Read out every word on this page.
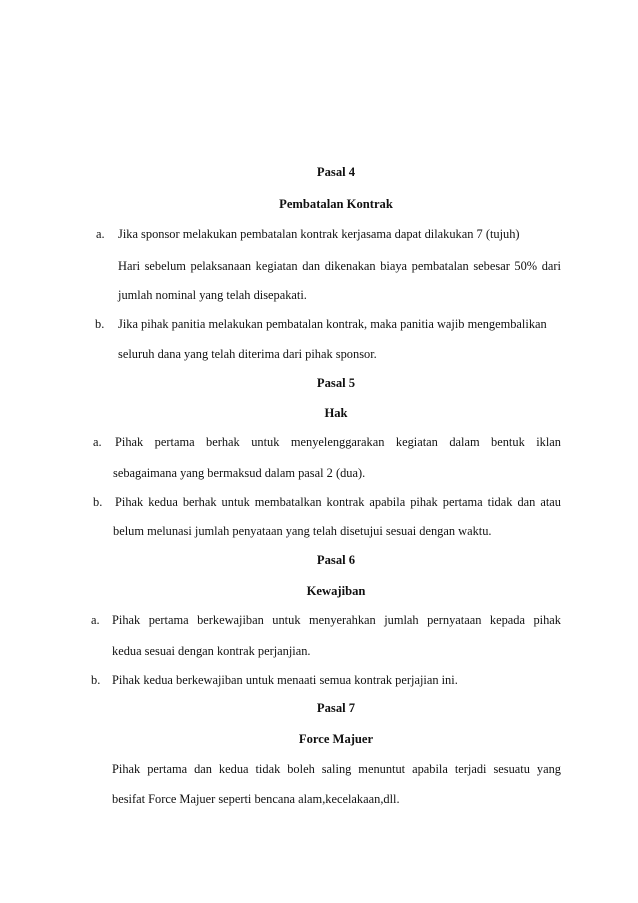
Pasal 4
Pembatalan Kontrak
a. Jika sponsor melakukan pembatalan kontrak kerjasama dapat dilakukan 7 (tujuh)
Hari sebelum pelaksanaan kegiatan dan dikenakan biaya pembatalan sebesar 50% dari
jumlah nominal yang telah disepakati.
b. Jika pihak panitia melakukan pembatalan kontrak, maka panitia wajib mengembalikan
seluruh dana yang telah diterima dari pihak sponsor.
Pasal 5
Hak
a. Pihak pertama berhak untuk menyelenggarakan kegiatan dalam bentuk iklan
sebagaimana yang bermaksud dalam pasal 2 (dua).
b. Pihak kedua berhak untuk membatalkan kontrak apabila pihak pertama tidak dan atau
belum melunasi jumlah penyataan yang telah disetujui sesuai dengan waktu.
Pasal 6
Kewajiban
a. Pihak pertama berkewajiban untuk menyerahkan jumlah pernyataan kepada pihak
kedua sesuai dengan kontrak perjanjian.
b. Pihak kedua berkewajiban untuk menaati semua kontrak perjajian ini.
Pasal 7
Force Majuer
Pihak pertama dan kedua tidak boleh saling menuntut apabila terjadi sesuatu yang
besifat Force Majuer seperti bencana alam,kecelakaan,dll.
